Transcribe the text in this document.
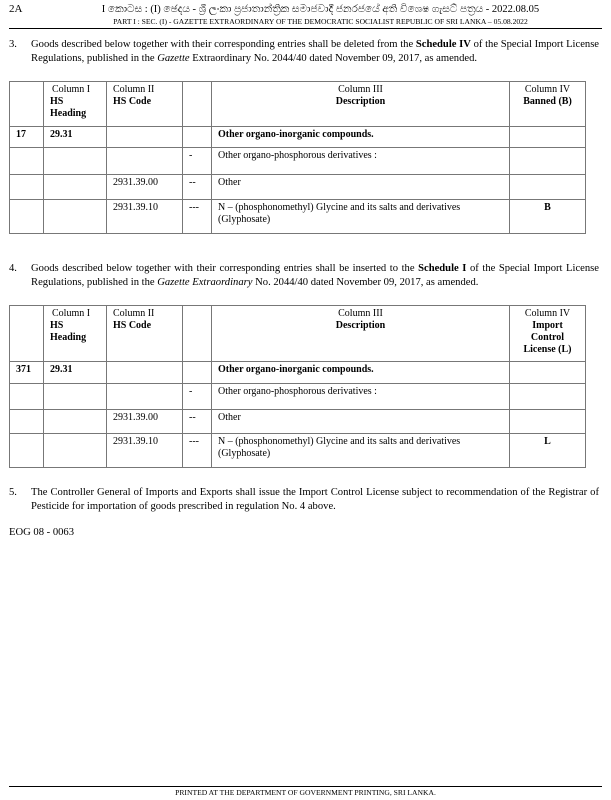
2A	I කොටස : (I) ඡෙදය - ශ්‍රී ලංකා ප්‍රජාතාන්ත්‍රික සමාජවාදී ජනරජයේ අති විශෙෂ ගැසට් පත්‍රය - 2022.08.05
PART I : SEC. (I) - GAZETTE EXTRAORDINARY OF THE DEMOCRATIC SOCIALIST REPUBLIC OF SRI LANKA – 05.08.2022
3. Goods described below together with their corresponding entries shall be deleted from the Schedule IV of the Special Import License Regulations, published in the Gazette Extraordinary No. 2044/40 dated November 09, 2017, as amended.

	Column I
HS
Heading	Column II
HS Code		Column III
Description	Column IV
Banned (B)

17	29.31			Other organo-inorganic compounds.	
			-	Other organo-phosphorous derivatives :	
		2931.39.00	--	Other	
		2931.39.10	---	N – (phosphonomethyl) Glycine and its salts and derivatives (Glyphosate)	B
4. Goods described below together with their corresponding entries shall be inserted to the Schedule I of the Special Import License Regulations, published in the Gazette Extraordinary No. 2044/40 dated November 09, 2017, as amended.

	Column I
HS
Heading	Column II
HS Code		Column III
Description	Column IV
Import
Control
License (L)

371	29.31			Other organo-inorganic compounds.	
			-	Other organo-phosphorous derivatives :	
		2931.39.00	--	Other	
		2931.39.10	---	N – (phosphonomethyl) Glycine and its salts and derivatives (Glyphosate)	L
5. The Controller General of Imports and Exports shall issue the Import Control License subject to recommendation of the Registrar of Pesticide for importation of goods prescribed in regulation No. 4 above.
EOG 08 - 0063
PRINTED AT THE DEPARTMENT OF GOVERNMENT PRINTING, SRI LANKA.
